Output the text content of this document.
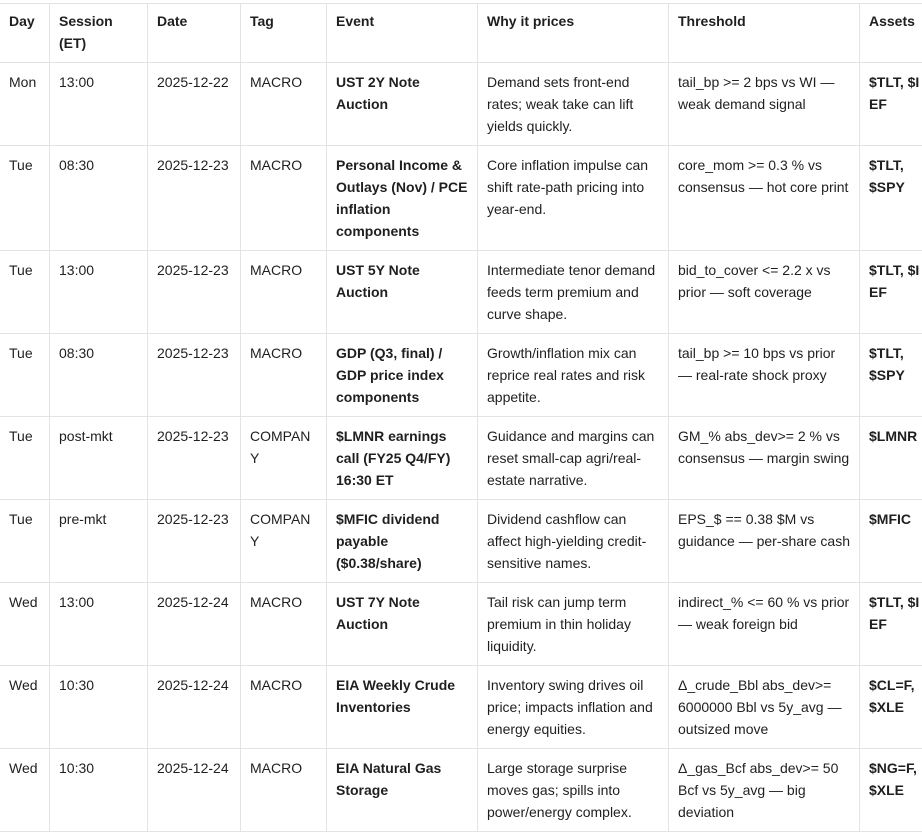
Day	Session (ET)	Date	Tag	Event	Why it prices	Threshold	Assets
Mon	13:00	2025-12-22	MACRO	UST 2Y Note Auction	Demand sets front-end rates; weak take can lift yields quickly.	tail_bp >= 2 bps vs WI — weak demand signal	$TLT, $IEF
Tue	08:30	2025-12-23	MACRO	Personal Income & Outlays (Nov) / PCE inflation components	Core inflation impulse can shift rate-path pricing into year-end.	core_mom >= 0.3 % vs consensus — hot core print	$TLT, $SPY
Tue	13:00	2025-12-23	MACRO	UST 5Y Note Auction	Intermediate tenor demand feeds term premium and curve shape.	bid_to_cover <= 2.2 x vs prior — soft coverage	$TLT, $IEF
Tue	08:30	2025-12-23	MACRO	GDP (Q3, final) / GDP price index components	Growth/inflation mix can reprice real rates and risk appetite.	tail_bp >= 10 bps vs prior — real-rate shock proxy	$TLT, $SPY
Tue	post-mkt	2025-12-23	COMPANY	$LMNR earnings call (FY25 Q4/FY) 16:30 ET	Guidance and margins can reset small-cap agri/real-estate narrative.	GM_% abs_dev>= 2 % vs consensus — margin swing	$LMNR
Tue	pre-mkt	2025-12-23	COMPANY	$MFIC dividend payable ($0.38/share)	Dividend cashflow can affect high-yielding credit-sensitive names.	EPS_$ == 0.38 $M vs guidance — per-share cash	$MFIC
Wed	13:00	2025-12-24	MACRO	UST 7Y Note Auction	Tail risk can jump term premium in thin holiday liquidity.	indirect_% <= 60 % vs prior — weak foreign bid	$TLT, $IEF
Wed	10:30	2025-12-24	MACRO	EIA Weekly Crude Inventories	Inventory swing drives oil price; impacts inflation and energy equities.	Δ_crude_Bbl abs_dev>= 6000000 Bbl vs 5y_avg — outsized move	$CL=F, $XLE
Wed	10:30	2025-12-24	MACRO	EIA Natural Gas Storage	Large storage surprise moves gas; spills into power/energy complex.	Δ_gas_Bcf abs_dev>= 50 Bcf vs 5y_avg — big deviation	$NG=F, $XLE
